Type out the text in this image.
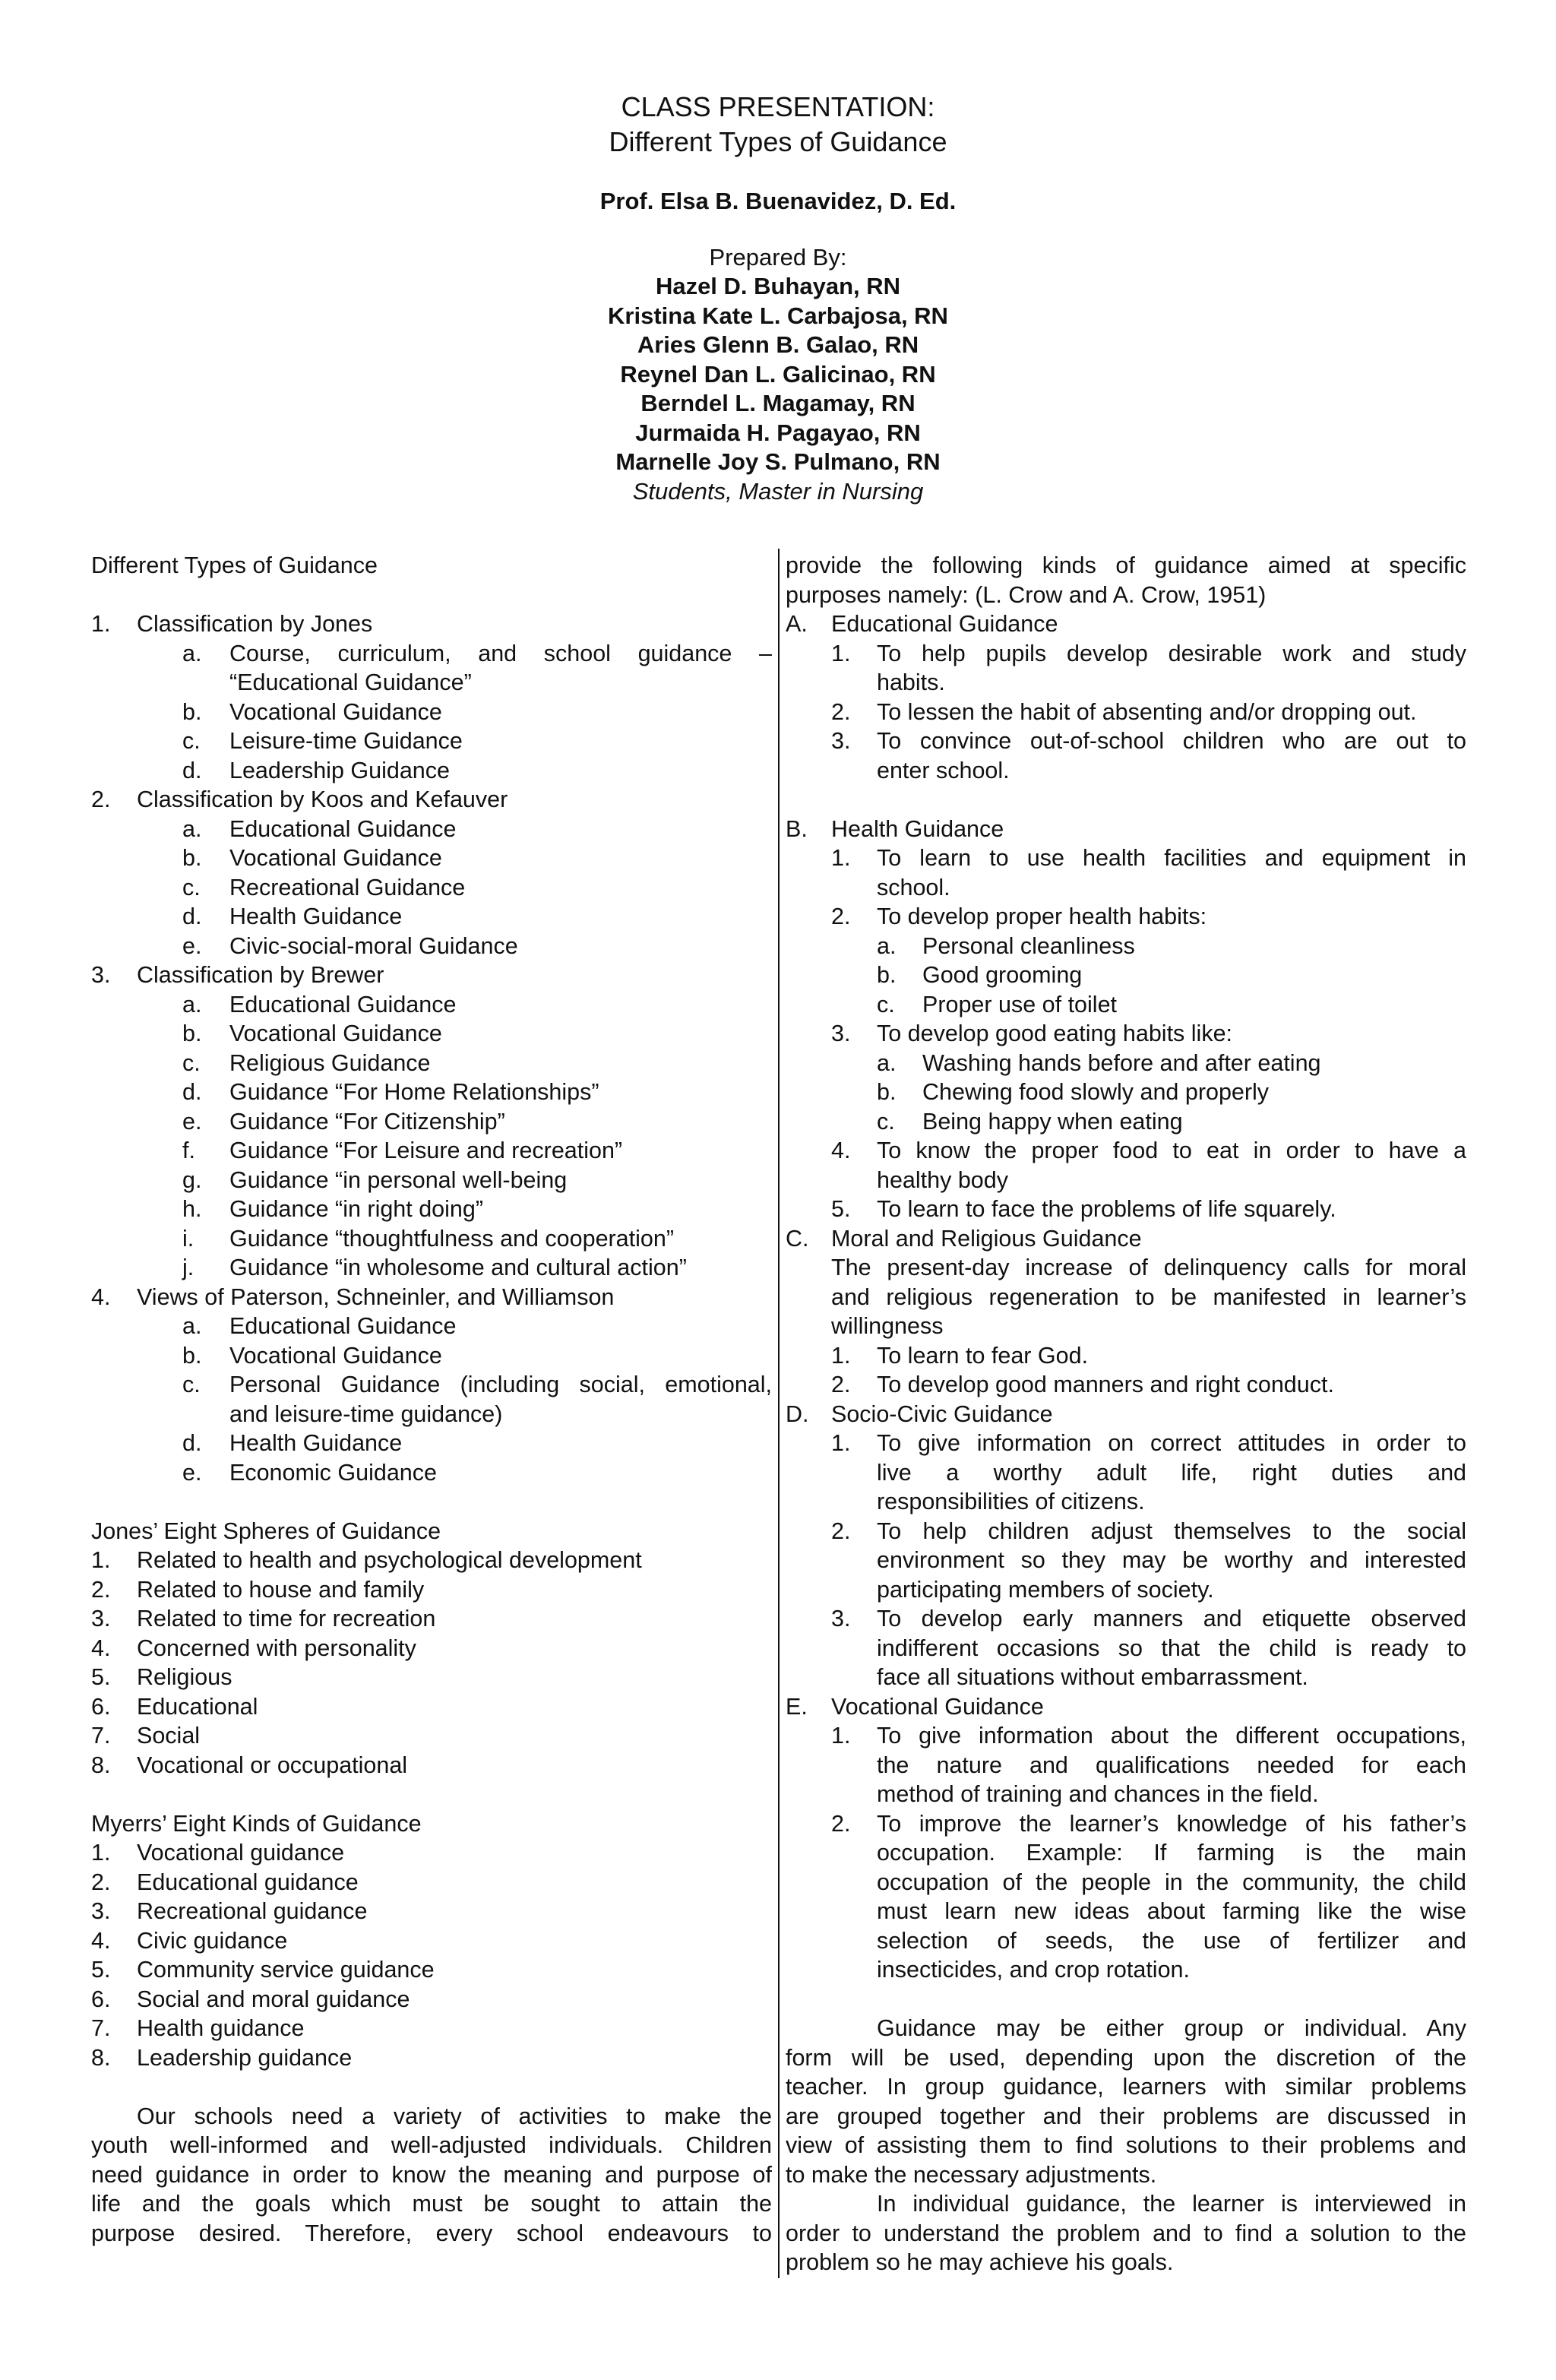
CLASS PRESENTATION:
Different Types of Guidance
Prof. Elsa B. Buenavidez, D. Ed.
Prepared By:
Hazel D. Buhayan, RN
Kristina Kate L. Carbajosa, RN
Aries Glenn B. Galao, RN
Reynel Dan L. Galicinao, RN
Berndel L. Magamay, RN
Jurmaida H. Pagayao, RN
Marnelle Joy S. Pulmano, RN
Students, Master in Nursing
Different Types of Guidance
1. Classification by Jones
a. Course, curriculum, and school guidance –
“Educational Guidance”
b. Vocational Guidance
c. Leisure-time Guidance
d. Leadership Guidance
2. Classification by Koos and Kefauver
a. Educational Guidance
b. Vocational Guidance
c. Recreational Guidance
d. Health Guidance
e. Civic-social-moral Guidance
3. Classification by Brewer
a. Educational Guidance
b. Vocational Guidance
c. Religious Guidance
d. Guidance “For Home Relationships”
e. Guidance “For Citizenship”
f. Guidance “For Leisure and recreation”
g. Guidance “in personal well-being
h. Guidance “in right doing”
i. Guidance “thoughtfulness and cooperation”
j. Guidance “in wholesome and cultural action”
4. Views of Paterson, Schneinler, and Williamson
a. Educational Guidance
b. Vocational Guidance
c. Personal Guidance (including social, emotional,
and leisure-time guidance)
d. Health Guidance
e. Economic Guidance
Jones’ Eight Spheres of Guidance
1. Related to health and psychological development
2. Related to house and family
3. Related to time for recreation
4. Concerned with personality
5. Religious
6. Educational
7. Social
8. Vocational or occupational
Myerrs’ Eight Kinds of Guidance
1. Vocational guidance
2. Educational guidance
3. Recreational guidance
4. Civic guidance
5. Community service guidance
6. Social and moral guidance
7. Health guidance
8. Leadership guidance
Our schools need a variety of activities to make the
youth well-informed and well-adjusted individuals. Children
need guidance in order to know the meaning and purpose of
life and the goals which must be sought to attain the
purpose desired. Therefore, every school endeavours to
provide the following kinds of guidance aimed at specific
purposes namely: (L. Crow and A. Crow, 1951)
A. Educational Guidance
1. To help pupils develop desirable work and study
habits.
2. To lessen the habit of absenting and/or dropping out.
3. To convince out-of-school children who are out to
enter school.
B. Health Guidance
1. To learn to use health facilities and equipment in
school.
2. To develop proper health habits:
a. Personal cleanliness
b. Good grooming
c. Proper use of toilet
3. To develop good eating habits like:
a. Washing hands before and after eating
b. Chewing food slowly and properly
c. Being happy when eating
4. To know the proper food to eat in order to have a
healthy body
5. To learn to face the problems of life squarely.
C. Moral and Religious Guidance
The present-day increase of delinquency calls for moral
and religious regeneration to be manifested in learner’s
willingness
1. To learn to fear God.
2. To develop good manners and right conduct.
D. Socio-Civic Guidance
1. To give information on correct attitudes in order to
live a worthy adult life, right duties and
responsibilities of citizens.
2. To help children adjust themselves to the social
environment so they may be worthy and interested
participating members of society.
3. To develop early manners and etiquette observed
indifferent occasions so that the child is ready to
face all situations without embarrassment.
E. Vocational Guidance
1. To give information about the different occupations,
the nature and qualifications needed for each
method of training and chances in the field.
2. To improve the learner’s knowledge of his father’s
occupation. Example: If farming is the main
occupation of the people in the community, the child
must learn new ideas about farming like the wise
selection of seeds, the use of fertilizer and
insecticides, and crop rotation.
Guidance may be either group or individual. Any
form will be used, depending upon the discretion of the
teacher. In group guidance, learners with similar problems
are grouped together and their problems are discussed in
view of assisting them to find solutions to their problems and
to make the necessary adjustments.
In individual guidance, the learner is interviewed in
order to understand the problem and to find a solution to the
problem so he may achieve his goals.
